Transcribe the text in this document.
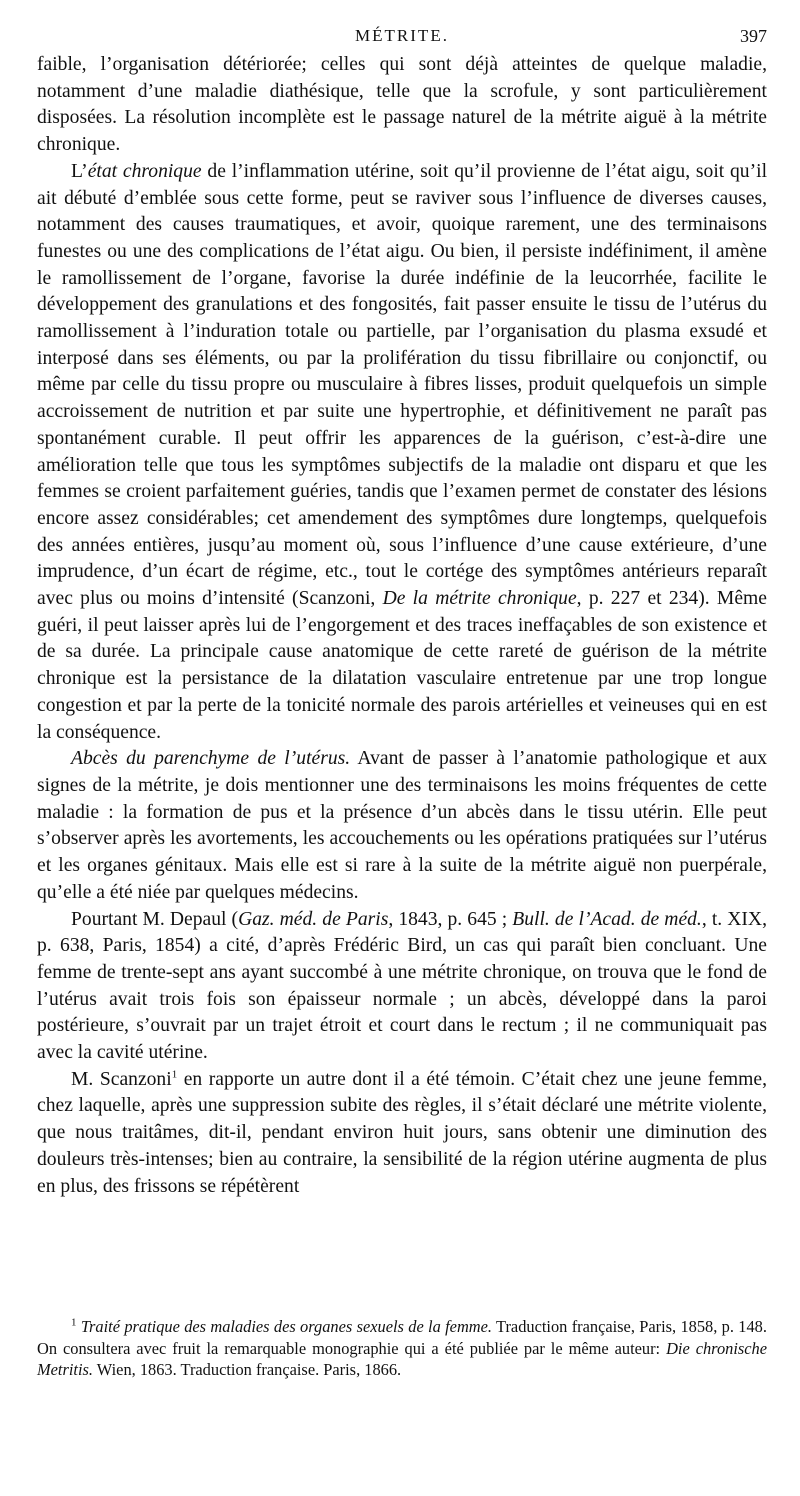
MÉTRITE.	397

faible, l’organisation détériorée; celles qui sont déjà atteintes de quelque maladie, notamment d’une maladie diathésique, telle que la scrofule, y sont particulièrement disposées. La résolution incomplète est le passage naturel de la métrite aiguë à la métrite chronique.

L’état chronique de l’inflammation utérine, soit qu’il provienne de l’état aigu, soit qu’il ait débuté d’emblée sous cette forme, peut se raviver sous l’influence de diverses causes, notamment des causes traumatiques, et avoir, quoique rarement, une des terminaisons funestes ou une des complications de l’état aigu. Ou bien, il persiste indéfiniment, il amène le ramollissement de l’organe, favorise la durée indéfinie de la leucorrhée, facilite le développement des granulations et des fongosités, fait passer ensuite le tissu de l’utérus du ramollissement à l’induration totale ou partielle, par l’organisation du plasma exsudé et interposé dans ses éléments, ou par la prolifération du tissu fibrillaire ou conjonctif, ou même par celle du tissu propre ou musculaire à fibres lisses, produit quelquefois un simple accroissement de nutrition et par suite une hypertrophie, et définitivement ne paraît pas spontanément curable. Il peut offrir les apparences de la guérison, c’est-à-dire une amélioration telle que tous les symptômes subjectifs de la maladie ont disparu et que les femmes se croient parfaitement guéries, tandis que l’examen permet de constater des lésions encore assez considérables; cet amendement des symptômes dure longtemps, quelquefois des années entières, jusqu’au moment où, sous l’influence d’une cause extérieure, d’une imprudence, d’un écart de régime, etc., tout le cortége des symptômes antérieurs reparaît avec plus ou moins d’intensité (Scanzoni, De la métrite chronique, p. 227 et 234). Même guéri, il peut laisser après lui de l’engorgement et des traces ineffaçables de son existence et de sa durée. La principale cause anatomique de cette rareté de guérison de la métrite chronique est la persistance de la dilatation vasculaire entretenue par une trop longue congestion et par la perte de la tonicité normale des parois artérielles et veineuses qui en est la conséquence.

Abcès du parenchyme de l’utérus. Avant de passer à l’anatomie pathologique et aux signes de la métrite, je dois mentionner une des terminaisons les moins fréquentes de cette maladie : la formation de pus et la présence d’un abcès dans le tissu utérin. Elle peut s’observer après les avortements, les accouchements ou les opérations pratiquées sur l’utérus et les organes génitaux. Mais elle est si rare à la suite de la métrite aiguë non puerpérale, qu’elle a été niée par quelques médecins.

Pourtant M. Depaul (Gaz. méd. de Paris, 1843, p. 645 ; Bull. de l’Acad. de méd., t. XIX, p. 638, Paris, 1854) a cité, d’après Frédéric Bird, un cas qui paraît bien concluant. Une femme de trente-sept ans ayant succombé à une métrite chronique, on trouva que le fond de l’utérus avait trois fois son épaisseur normale ; un abcès, développé dans la paroi postérieure, s’ouvrait par un trajet étroit et court dans le rectum ; il ne communiquait pas avec la cavité utérine.

M. Scanzoni$^1$ en rapporte un autre dont il a été témoin. C’était chez une jeune femme, chez laquelle, après une suppression subite des règles, il s’était déclaré une métrite violente, que nous traitâmes, dit-il, pendant environ huit jours, sans obtenir une diminution des douleurs très-intenses; bien au contraire, la sensibilité de la région utérine augmenta de plus en plus, des frissons se répétèrent

$^1$ Traité pratique des maladies des organes sexuels de la femme. Traduction française, Paris, 1858, p. 148. On consultera avec fruit la remarquable monographie qui a été publiée par le même auteur: Die chronische Metritis. Wien, 1863. Traduction française. Paris, 1866.
